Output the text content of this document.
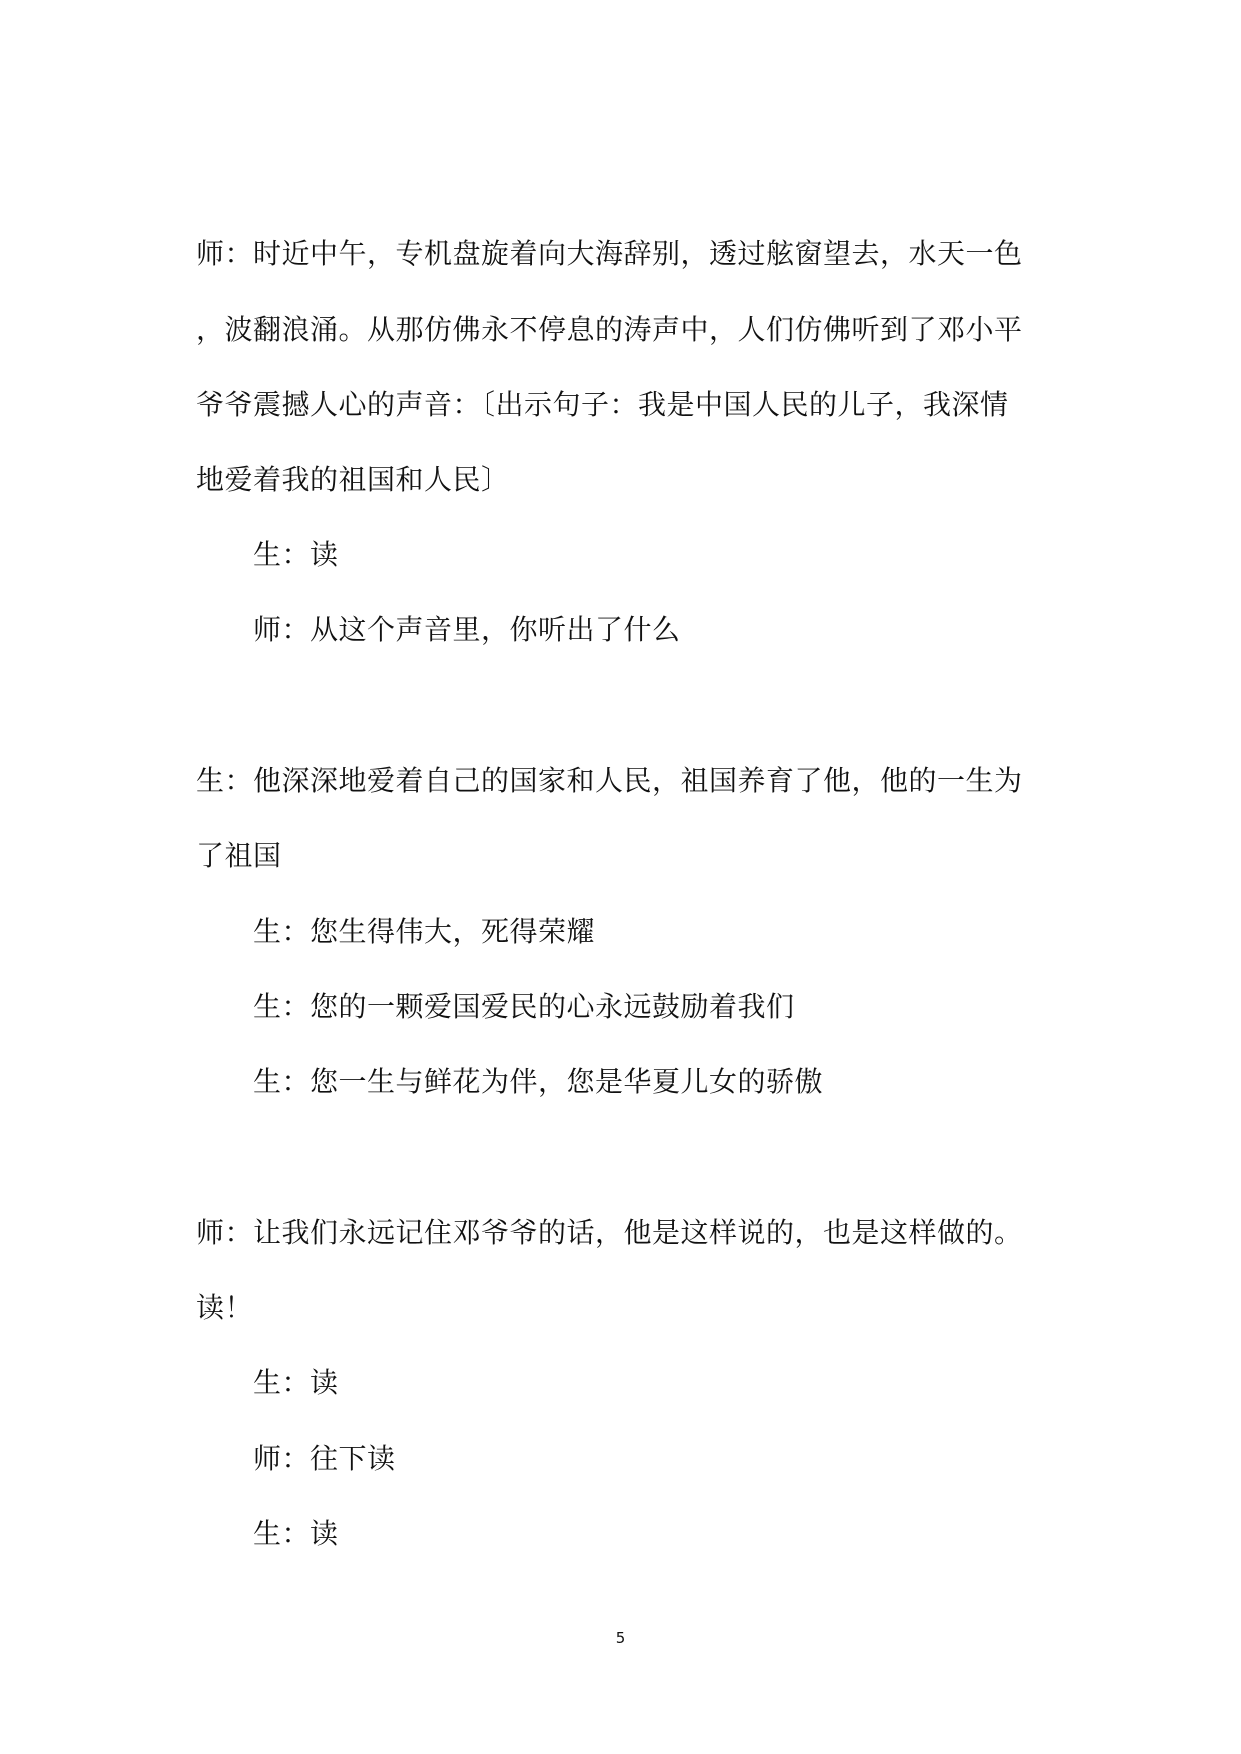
师：时近中午，专机盘旋着向大海辞别，透过舷窗望去，水天一色
，波翻浪涌。从那仿佛永不停息的涛声中，人们仿佛听到了邓小平
爷爷震撼人心的声音：〔出示句子：我是中国人民的儿子，我深情
地爱着我的祖国和人民〕
生：读
师：从这个声音里，你听出了什么
生：他深深地爱着自己的国家和人民，祖国养育了他，他的一生为
了祖国
生：您生得伟大，死得荣耀
生：您的一颗爱国爱民的心永远鼓励着我们
生：您一生与鲜花为伴，您是华夏儿女的骄傲
师：让我们永远记住邓爷爷的话，他是这样说的，也是这样做的。
读！
生：读
师：往下读
生：读
5
